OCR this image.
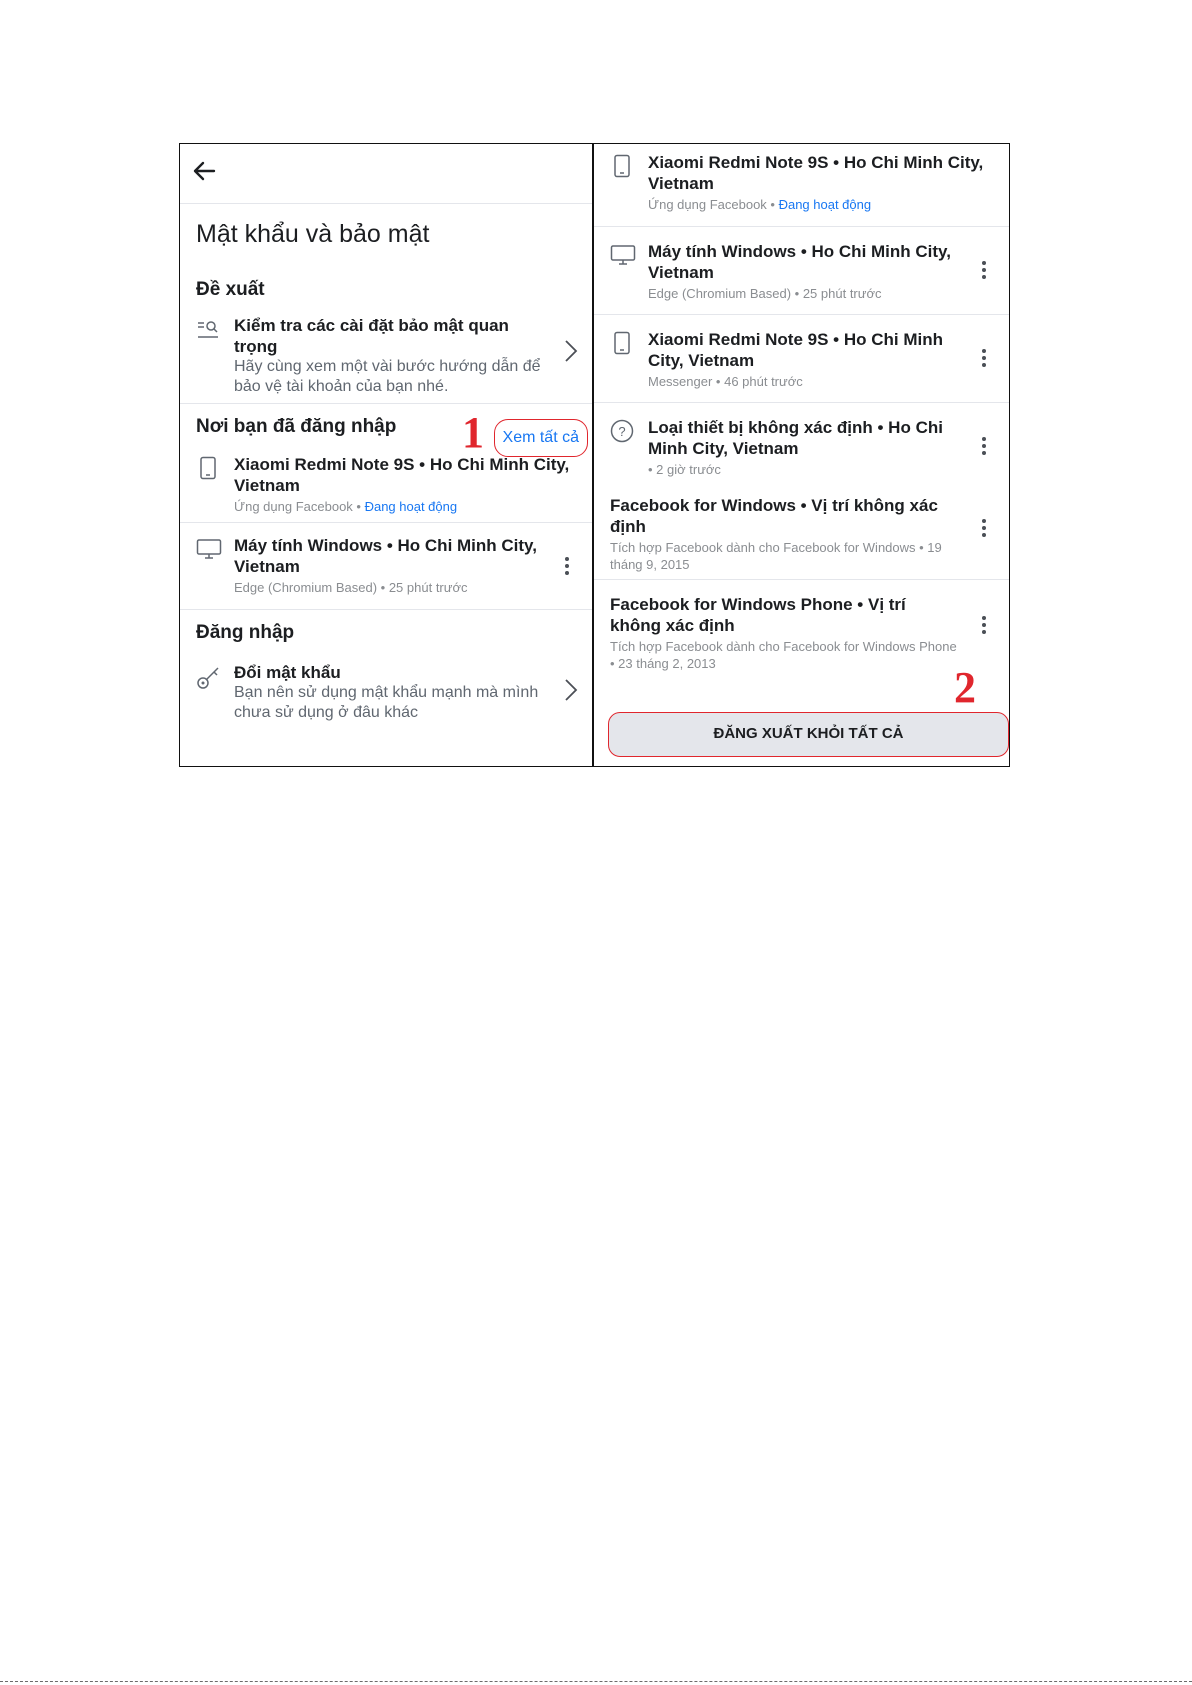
Mật khẩu và bảo mật
Đề xuất
Kiểm tra các cài đặt bảo mật quan trọng
Hãy cùng xem một vài bước hướng dẫn để bảo vệ tài khoản của bạn nhé.
Nơi bạn đã đăng nhập	1	Xem tất cả
Xiaomi Redmi Note 9S • Ho Chi Minh City, Vietnam
Ứng dụng Facebook • Đang hoạt động
Máy tính Windows • Ho Chi Minh City, Vietnam
Edge (Chromium Based) • 25 phút trước
Đăng nhập
Đổi mật khẩu
Bạn nên sử dụng mật khẩu mạnh mà mình chưa sử dụng ở đâu khác
Xiaomi Redmi Note 9S • Ho Chi Minh City, Vietnam
Ứng dụng Facebook • Đang hoạt động
Máy tính Windows • Ho Chi Minh City, Vietnam
Edge (Chromium Based) • 25 phút trước
Xiaomi Redmi Note 9S • Ho Chi Minh City, Vietnam
Messenger • 46 phút trước
? Loại thiết bị không xác định • Ho Chi Minh City, Vietnam
• 2 giờ trước
Facebook for Windows • Vị trí không xác định
Tích hợp Facebook dành cho Facebook for Windows • 19 tháng 9, 2015
Facebook for Windows Phone • Vị trí không xác định
Tích hợp Facebook dành cho Facebook for Windows Phone • 23 tháng 2, 2013	2
ĐĂNG XUẤT KHỎI TẤT CẢ
